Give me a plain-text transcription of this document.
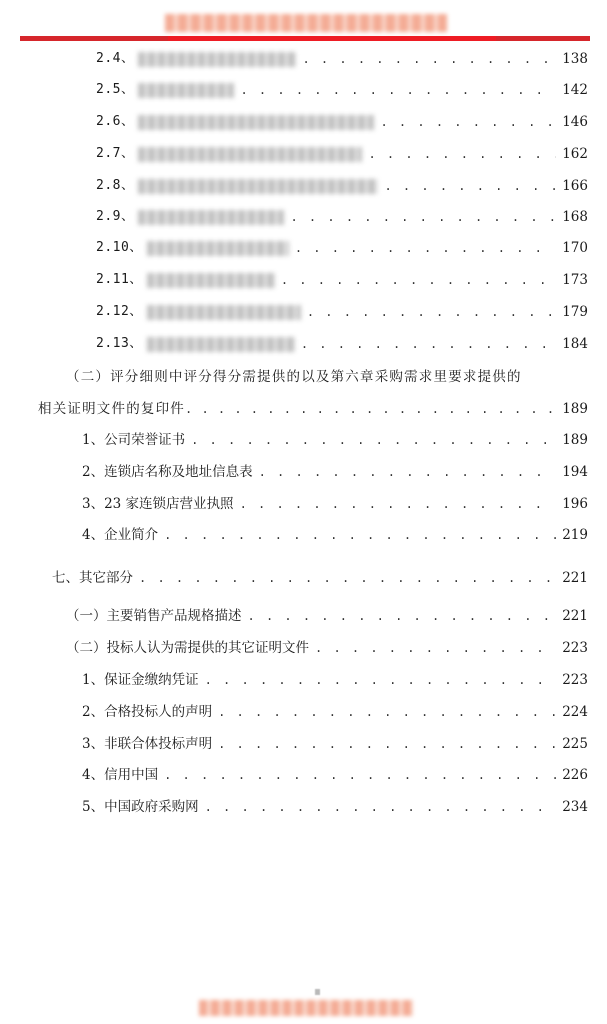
2.4、 . . .	138
2.5、 . . .	142
2.6、 . . .	146
2.7、 . . .	162
2.8、 . . .	166
2.9、 . . .	168
2.10、 . . .	170
2.11、 . . .	173
2.12、 . . .	179
2.13、 . . .	184
（二）评分细则中评分得分需提供的以及第六章采购需求里要求提供的
相关证明文件的复印件 . . .	189
1、公司荣誉证书 . . .	189
2、连锁店名称及地址信息表 . . .	194
3、23 家连锁店营业执照 . . .	196
4、企业简介 . . .	219
七、其它部分 . . .	221
（一）主要销售产品规格描述 . . .	221
（二）投标人认为需提供的其它证明文件 . . .	223
1、保证金缴纳凭证 . . .	223
2、合格投标人的声明 . . .	224
3、非联合体投标声明 . . .	225
4、信用中国 . . .	226
5、中国政府采购网 . . .	234
